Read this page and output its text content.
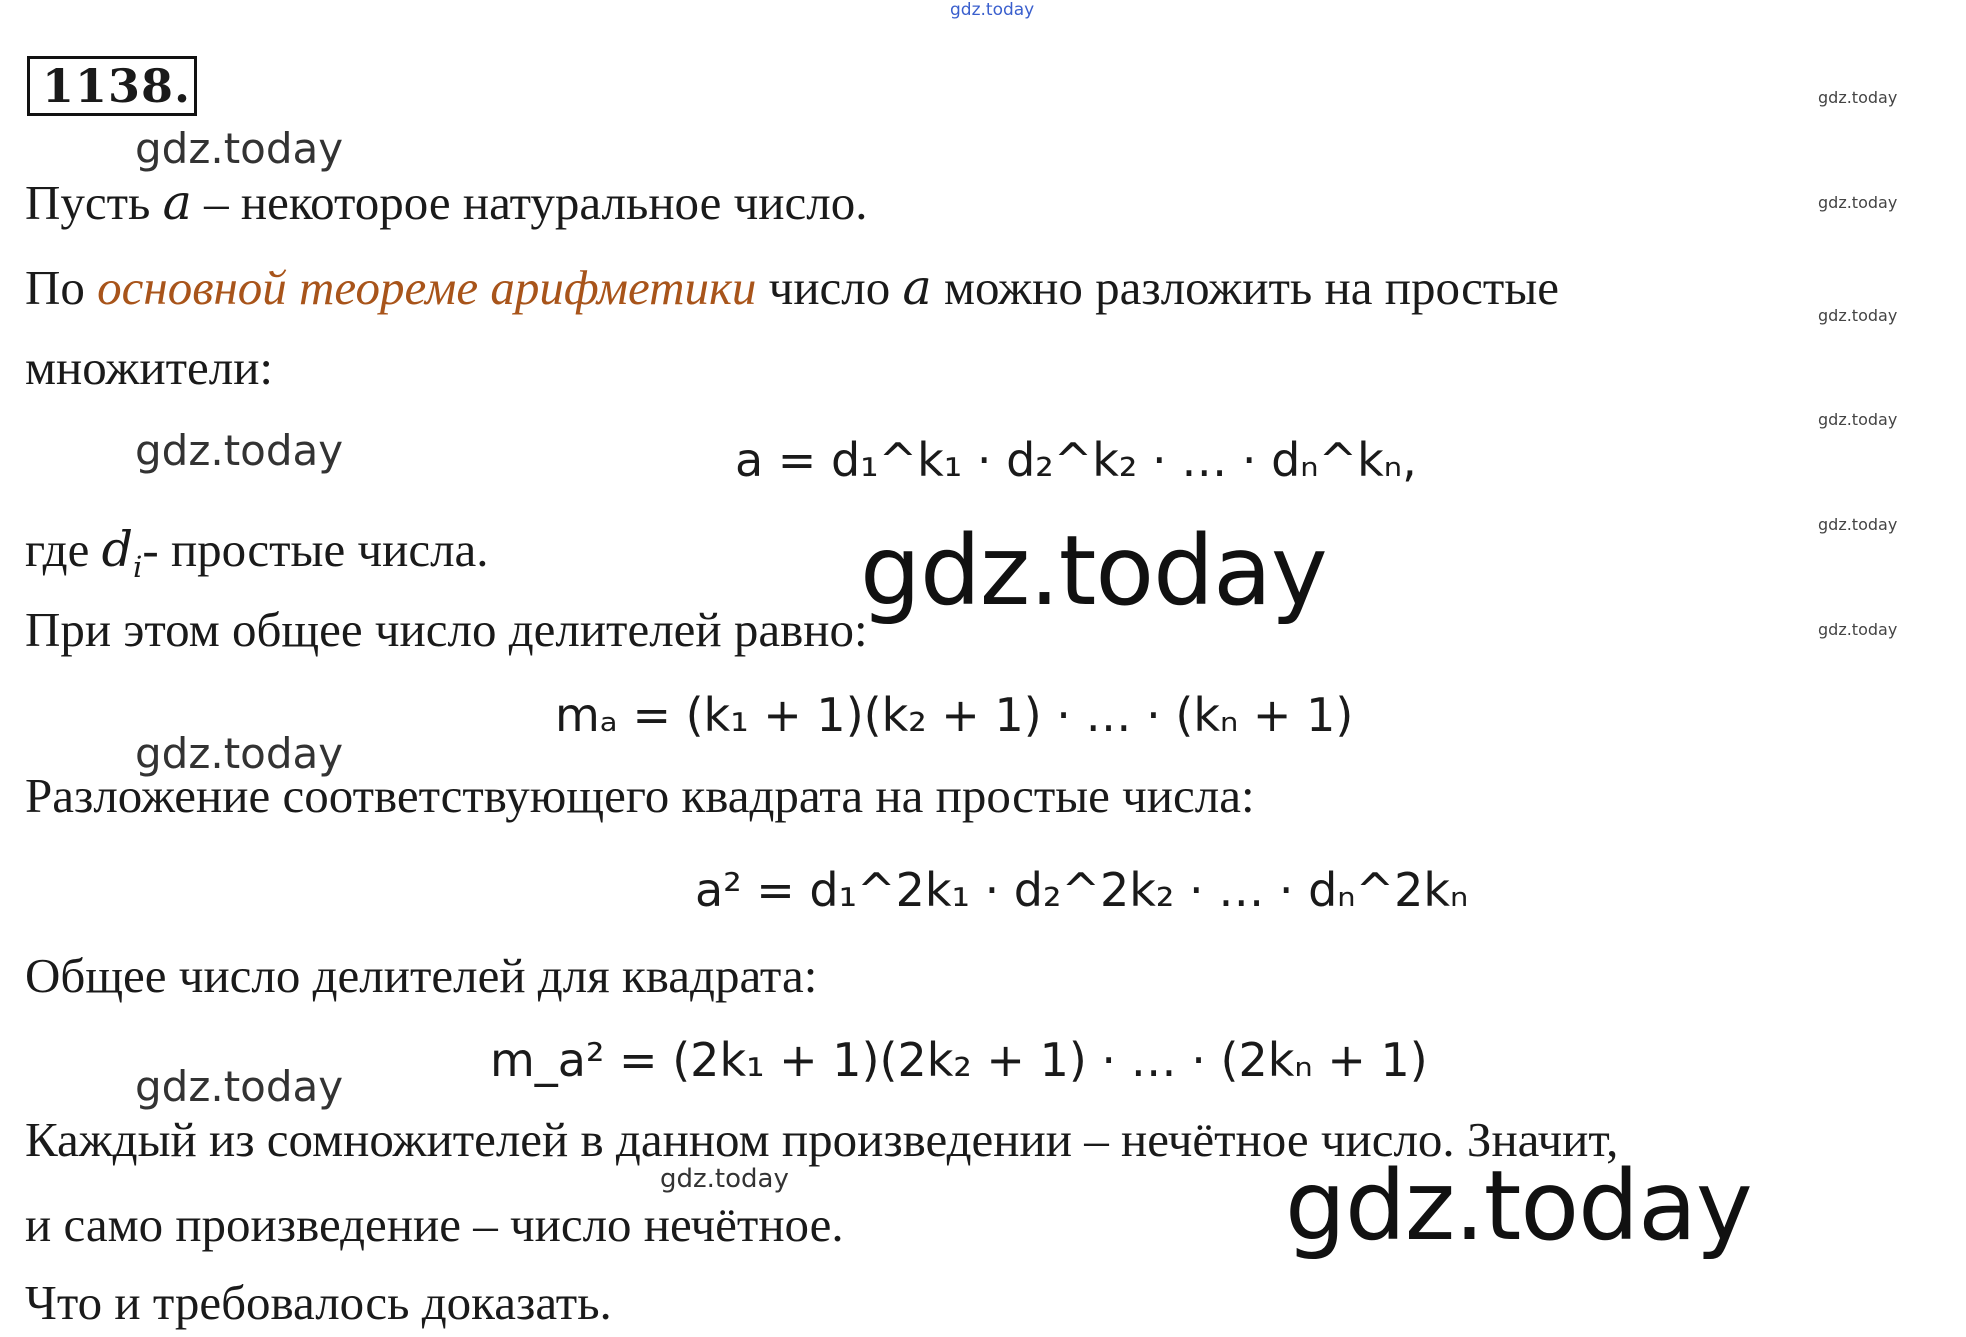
gdz.today
1138.	gdz.today
gdz.today
gdz.today
gdz.today
gdz.today
gdz.today
gdz.today
gdz.today
gdz.today
gdz.today
gdz.today
Пусть a – некоторое натуральное число.
По основной теореме арифметики число a можно разложить на простые
множители:
a = d₁^k₁ · d₂^k₂ · … · dₙ^kₙ,
где $d_i-$ простые числа.	gdz.today
При этом общее число делителей равно:
mₐ = (k₁ + 1)(k₂ + 1) · … · (kₙ + 1)
Разложение соответствующего квадрата на простые числа:
a² = d₁^2k₁ · d₂^2k₂ · … · dₙ^2kₙ
Общее число делителей для квадрата:
m_a² = (2k₁ + 1)(2k₂ + 1) · … · (2kₙ + 1)
Каждый из сомножителей в данном произведении – нечётное число. Значит,
и само произведение – число нечётное.	gdz.today
Что и требовалось доказать.
